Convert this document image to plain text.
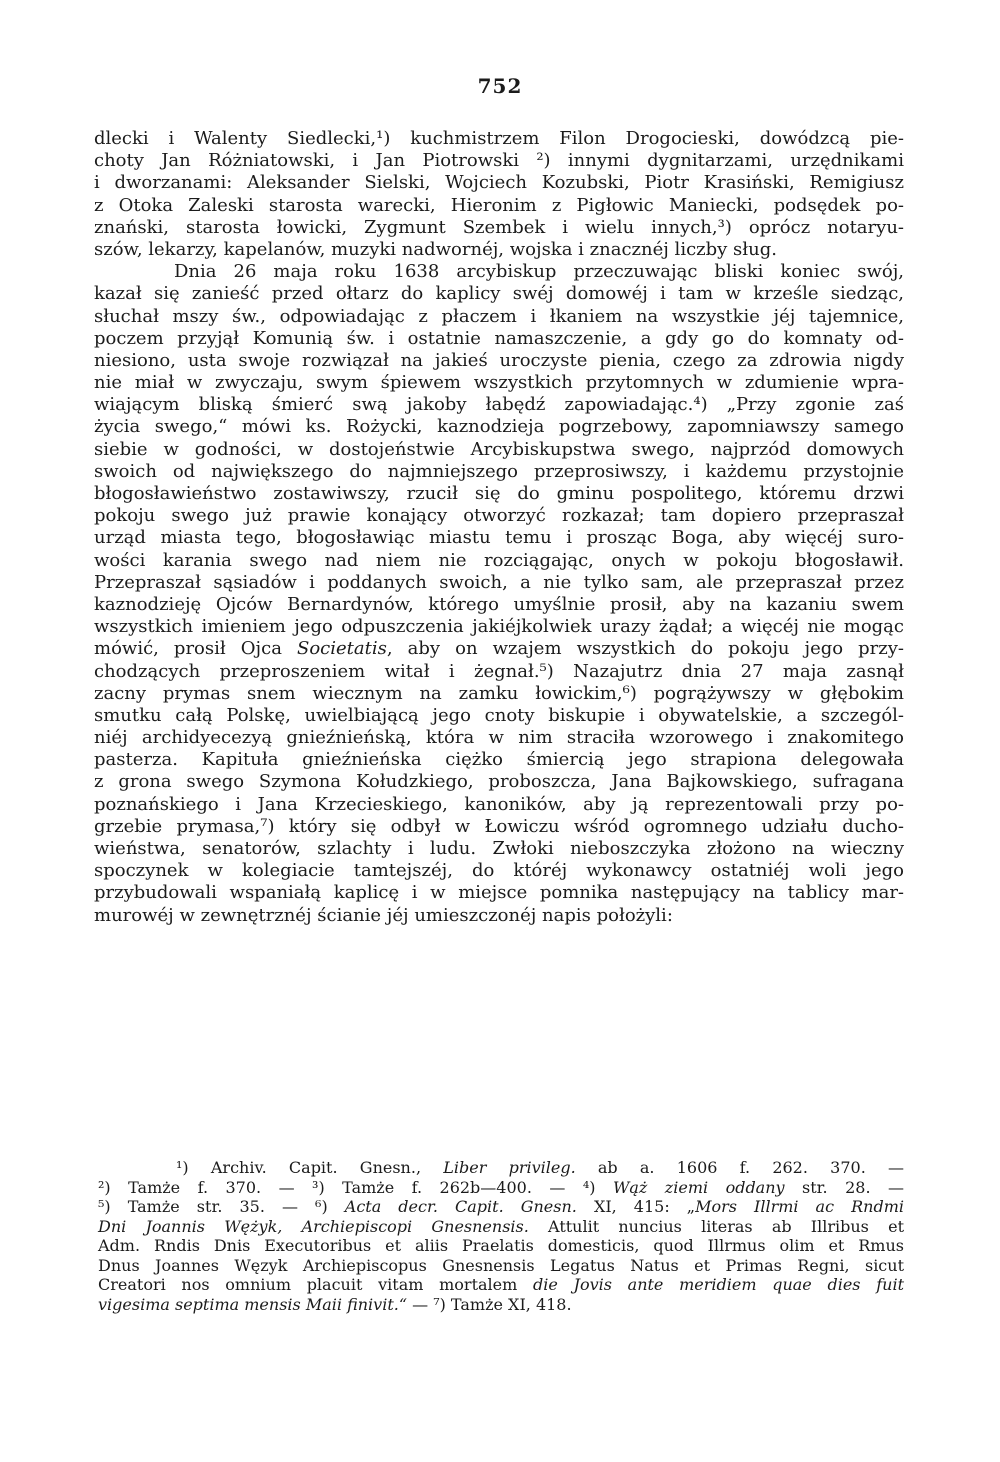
752
dlecki i Walenty Siedlecki,¹) kuchmistrzem Filon Drogocieski, dowódzcą pie-
choty Jan Różniatowski, i Jan Piotrowski ²) innymi dygnitarzami, urzędnikami
i dworzanami: Aleksander Sielski, Wojciech Kozubski, Piotr Krasiński, Remigiusz
z Otoka Zaleski starosta warecki, Hieronim z Pigłowic Maniecki, podsędek po-
znański, starosta łowicki, Zygmunt Szembek i wielu innych,³) oprócz notaryu-
szów, lekarzy, kapelanów, muzyki nadwornéj, wojska i znacznéj liczby sług.
Dnia 26 maja roku 1638 arcybiskup przeczuwając bliski koniec swój,
kazał się zanieść przed ołtarz do kaplicy swéj domowéj i tam w krześle siedząc,
słuchał mszy św., odpowiadając z płaczem i łkaniem na wszystkie jéj tajemnice,
poczem przyjął Komunią św. i ostatnie namaszczenie, a gdy go do komnaty od-
niesiono, usta swoje rozwiązał na jakieś uroczyste pienia, czego za zdrowia nigdy
nie miał w zwyczaju, swym śpiewem wszystkich przytomnych w zdumienie wpra-
wiającym bliską śmierć swą jakoby łabędź zapowiadając.⁴) „Przy zgonie zaś
życia swego,“ mówi ks. Rożycki, kaznodzieja pogrzebowy, zapomniawszy samego
siebie w godności, w dostojeństwie Arcybiskupstwa swego, najprzód domowych
swoich od największego do najmniejszego przeprosiwszy, i każdemu przystojnie
błogosławieństwo zostawiwszy, rzucił się do gminu pospolitego, któremu drzwi
pokoju swego już prawie konający otworzyć rozkazał; tam dopiero przepraszał
urząd miasta tego, błogosławiąc miastu temu i prosząc Boga, aby więcéj suro-
wości karania swego nad niem nie rozciągając, onych w pokoju błogosławił.
Przepraszał sąsiadów i poddanych swoich, a nie tylko sam, ale przepraszał przez
kaznodzieję Ojców Bernardynów, którego umyślnie prosił, aby na kazaniu swem
wszystkich imieniem jego odpuszczenia jakiéjkolwiek urazy żądał; a więcéj nie mogąc
mówić, prosił Ojca Societatis, aby on wzajem wszystkich do pokoju jego przy-
chodzących przeproszeniem witał i żegnał.⁵) Nazajutrz dnia 27 maja zasnął
zacny prymas snem wiecznym na zamku łowickim,⁶) pogrążywszy w głębokim
smutku całą Polskę, uwielbiającą jego cnoty biskupie i obywatelskie, a szczegól-
niéj archidyecezyą gnieźnieńską, która w nim straciła wzorowego i znakomitego
pasterza. Kapituła gnieźnieńska ciężko śmiercią jego strapiona delegowała
z grona swego Szymona Kołudzkiego, proboszcza, Jana Bajkowskiego, sufragana
poznańskiego i Jana Krzecieskiego, kanoników, aby ją reprezentowali przy po-
grzebie prymasa,⁷) który się odbył w Łowiczu wśród ogromnego udziału ducho-
wieństwa, senatorów, szlachty i ludu. Zwłoki nieboszczyka złożono na wieczny
spoczynek w kolegiacie tamtejszéj, do któréj wykonawcy ostatniéj woli jego
przybudowali wspaniałą kaplicę i w miejsce pomnika następujący na tablicy mar-
murowéj w zewnętrznéj ścianie jéj umieszczonéj napis położyli:
¹) Archiv. Capit. Gnesn., Liber privileg. ab a. 1606 f. 262. 370. —
²) Tamże f. 370. — ³) Tamże f. 262b—400. — ⁴) Wąż ziemi oddany str. 28. —
⁵) Tamże str. 35. — ⁶) Acta decr. Capit. Gnesn. XI, 415: „Mors Illrmi ac Rndmi
Dni Joannis Wężyk, Archiepiscopi Gnesnensis. Attulit nuncius literas ab Illribus et
Adm. Rndis Dnis Executoribus et aliis Praelatis domesticis, quod Illrmus olim et Rmus
Dnus Joannes Węzyk Archiepiscopus Gnesnensis Legatus Natus et Primas Regni, sicut
Creatori nos omnium placuit vitam mortalem die Jovis ante meridiem quae dies fuit
vigesima septima mensis Maii finivit.“ — ⁷) Tamże XI, 418.
